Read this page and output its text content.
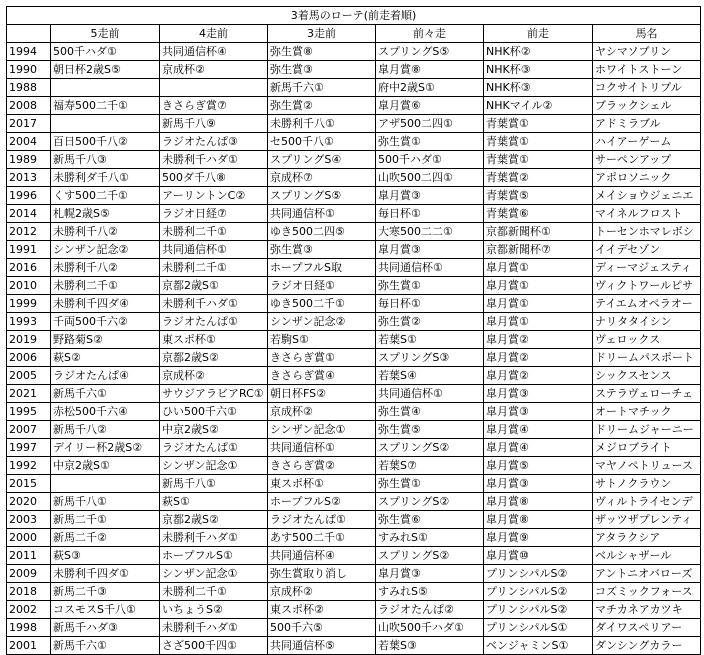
3着馬のローテ(前走着順)						
	5走前	4走前	3走前	前々走	前走	馬名
1994	500千ハダ①	共同通信杯④	弥生賞⑧	スプリングS⑤	NHK杯②	ヤシマソブリン
1990	朝日杯2歳S⑤	京成杯②	弥生賞③	皐月賞⑧	NHK杯③	ホワイトストーン
1988			新馬千六①	府中2歳S①	NHK杯③	コクサイトリプル
2008	福寿500二千①	きさらぎ賞⑦	弥生賞②	皐月賞⑥	NHKマイル②	ブラックシェル
2017		新馬千八⑨	未勝利千八①	アザ500二四①	青葉賞①	アドミラブル
2004	百日500千八②	ラジオたんぱ③	セ500千八①	弥生賞①	青葉賞①	ハイアーゲーム
1989	新馬千八③	未勝利千ハダ①	スプリングS④	500千ハダ①	青葉賞①	サーペンアップ
2013	未勝利ダ千八①	500ダ千八⑧	京成杯⑦	山吹500二四①	青葉賞②	アポロソニック
1996	くす500二千①	アーリントンC②	スプリングS⑤	皐月賞③	青葉賞⑤	メイショウジェニエ
2014	札幌2歳S⑤	ラジオ日経⑦	共同通信杯①	毎日杯①	青葉賞⑥	マイネルフロスト
2012	未勝利千八②	未勝利二千①	ゆき500二四⑤	大寒500二二①	京都新聞杯①	トーセンホマレボシ
1991	シンザン記念②	共同通信杯①	弥生賞③	皐月賞③	京都新聞杯⑦	イイデセゾン
2016	未勝利千八②	未勝利二千①	ホープフルS取	共同通信杯①	皐月賞①	ディーマジェスティ
2010	未勝利二千①	京都2歳S①	ラジオ日経①	弥生賞①	皐月賞①	ヴィクトワールピサ
1999	未勝利千四ダ④	未勝利千ハダ①	ゆき500二千①	毎日杯①	皐月賞①	テイエムオペラオー
1993	千両500千六②	ラジオたんぱ①	シンザン記念②	弥生賞②	皐月賞①	ナリタタイシン
2019	野路菊S②	東スポ杯①	若駒S①	若葉S①	皐月賞②	ヴェロックス
2006	萩S②	京都2歳S②	きさらぎ賞①	スプリングS③	皐月賞②	ドリームパスポート
2005	ラジオたんぱ④	京成杯②	きさらぎ賞④	若葉S④	皐月賞②	シックスセンス
2021	新馬千六①	サウジアラビアRC①	朝日杯FS②	共同通信杯①	皐月賞③	ステラヴェローチェ
1995	赤松500千六④	ひい500千六①	京成杯②	弥生賞④	皐月賞③	オートマチック
2007	新馬千八②	中京2歳S②	シンザン記念①	弥生賞⑤	皐月賞④	ドリームジャーニー
1997	デイリー杯2歳S②	ラジオたんぱ①	共同通信杯①	スプリングS②	皐月賞④	メジロブライト
1992	中京2歳S①	シンザン記念①	きさらぎ賞②	若葉S⑦	皐月賞⑤	マヤノペトリュース
2015		新馬千八①	東スポ杯①	弥生賞①	皐月賞③	サトノクラウン
2020	新馬千八①	萩S①	ホープフルS②	スプリングS②	皐月賞⑧	ヴィルトライセンデ
2003	新馬二千①	京都2歳S②	ラジオたんぱ①	弥生賞⑥	皐月賞⑧	ザッツザプレンティ
2000	新馬二千②	未勝利千ハダ①	あす500二千①	すみれS①	皐月賞⑨	アタラクシア
2011	萩S③	ホープフルS①	共同通信杯④	スプリングS②	皐月賞⑩	ベルシャザール
2009	未勝利千四ダ①	シンザン記念①	弥生賞取り消し	皐月賞③	プリンシパルS②	アントニオバローズ
2018	新馬二千③	未勝利二千①	京成杯②	すみれS⑤	プリンシパルS②	コズミックフォース
2002	コスモスS千八①	いちょうS②	東スポ杯②	ラジオたんぱ②	プリンシパルS②	マチカネアカツキ
1998	新馬千ハダ③	未勝利千ハダ①	500千六⑤	山吹500千ハダ①	プリンシパルS①	ダイワスペリアー
2001	新馬千六①	さざ500千四①	共同通信杯⑤	若葉S③	ベンジャミンS①	ダンシングカラー
